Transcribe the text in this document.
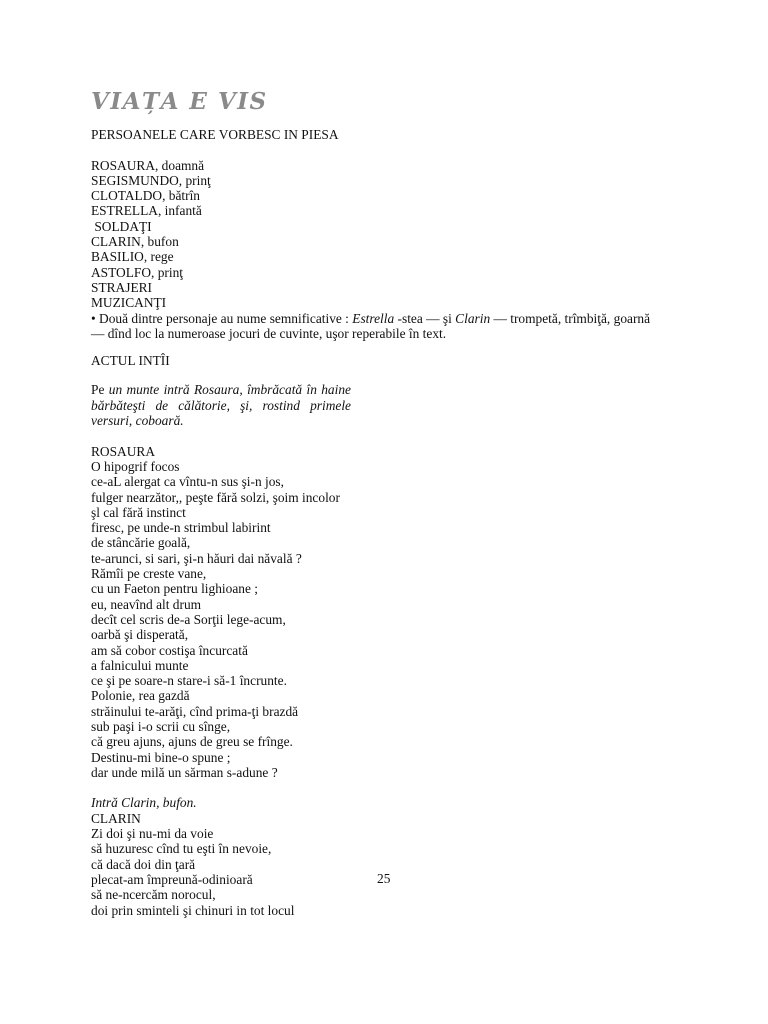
VIAȚA E VIS

PERSOANELE CARE VORBESC IN PIESA

ROSAURA, doamnă

SEGISMUNDO, prinţ

CLOTALDO, bătrîn

ESTRELLA, infantă

SOLDAŢI

CLARIN, bufon

BASILIO, rege

ASTOLFO, prinţ

STRAJERI

MUZICANŢI

• Două dintre personaje au nume semnificative : Estrella -stea — şi Clarin — trompetă, trîmbiţă, goarnă — dînd loc la numeroase jocuri de cuvinte, uşor reperabile în text.

ACTUL INTÎI

Pe un munte intră Rosaura, îmbrăcată în haine bărbăteşti de călătorie, şi, rostind primele versuri, coboară.

ROSAURA

O hipogrif focos

ce-aL alergat ca vîntu-n sus şi-n jos,

fulger nearzător,, peşte fără solzi, şoim incolor

şl cal fără instinct

firesc, pe unde-n strimbul labirint

de stâncărie goală,

te-arunci, si sari, şi-n hăuri dai năvală ?

Rămîi pe creste vane,

cu un Faeton pentru lighioane ;

eu, neavînd alt drum

decît cel scris de-a Sorţii lege-acum,

oarbă şi disperată,

am să cobor costişa încurcată

a falnicului munte

ce şi pe soare-n stare-i să-1 încrunte.

Polonie, rea gazdă

străinului te-arăţi, cînd prima-ţi brazdă

sub paşi i-o scrii cu sînge,

că greu ajuns, ajuns de greu se frînge.

Destinu-mi bine-o spune ;

dar unde milă un sărman s-adune ?

Intră Clarin, bufon.

CLARIN

Zi doi şi nu-mi da voie

să huzuresc cînd tu eşti în nevoie,

că dacă doi din ţară

plecat-am împreună-odinioară

să ne-ncercăm norocul,

doi prin sminteli şi chinuri in tot locul

25
